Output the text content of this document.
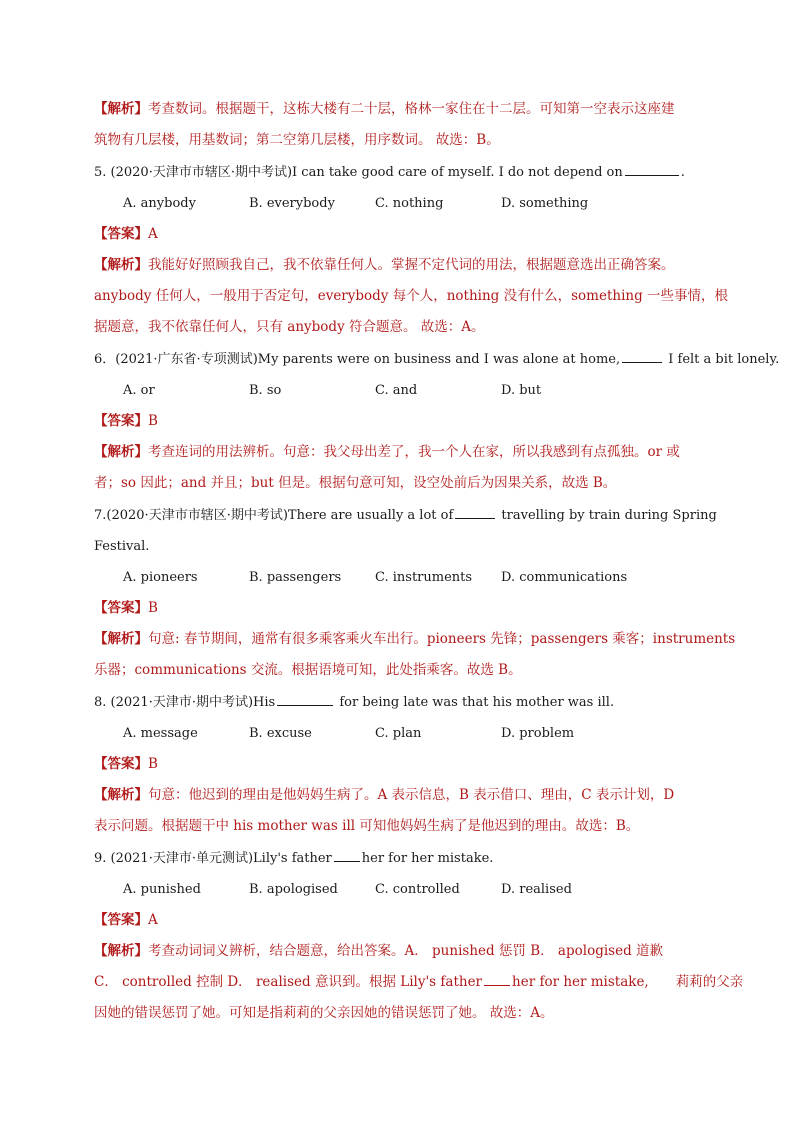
【解析】考查数词。根据题干，这栋大楼有二十层，格林一家住在十二层。可知第一空表示这座建
筑物有几层楼，用基数词；第二空第几层楼，用序数词。 故选：B。
5. (2020·天津市市辖区·期中考试)I can take good care of myself. I do not depend on	.
A. anybody	B. everybody	C. nothing	D. something
【答案】A
【解析】我能好好照顾我自己，我不依靠任何人。掌握不定代词的用法，根据题意选出正确答案。
anybody 任何人，一般用于否定句，everybody 每个人，nothing 没有什么，something 一些事情，根
据题意，我不依靠任何人，只有 anybody 符合题意。 故选：A。
6．(2021·广东省·专项测试)My parents were on business and I was alone at home,	I felt a bit lonely.
A. or	B. so	C. and	D. but
【答案】B
【解析】考查连词的用法辨析。句意：我父母出差了，我一个人在家，所以我感到有点孤独。or 或
者；so 因此；and 并且；but 但是。根据句意可知，设空处前后为因果关系，故选 B。
7.(2020·天津市市辖区·期中考试)There are usually a lot of	travelling by train during Spring
Festival.
A. pioneers	B. passengers	C. instruments D. communications
【答案】B
【解析】句意: 春节期间，通常有很多乘客乘火车出行。pioneers 先锋；passengers 乘客；instruments
乐器；communications 交流。根据语境可知，此处指乘客。故选 B。
8. (2021·天津市·期中考试)His	for being late was that his mother was ill.
A. message	B. excuse	C. plan	D. problem
【答案】B
【解析】句意：他迟到的理由是他妈妈生病了。A 表示信息，B 表示借口、理由，C 表示计划，D
表示问题。根据题干中 his mother was ill 可知他妈妈生病了是他迟到的理由。故选：B。
9. (2021·天津市·单元测试)Lily's father her for her mistake.
A. punished	B. apologised	C. controlled	D. realised
【答案】A
【解析】考查动词词义辨析，结合题意，给出答案。A． punished 惩罚 B． apologised 道歉
C． controlled 控制 D． realised 意识到。根据 Lily's father her for her mistake,　　莉莉的父亲
因她的错误惩罚了她。可知是指莉莉的父亲因她的错误惩罚了她。 故选：A。
